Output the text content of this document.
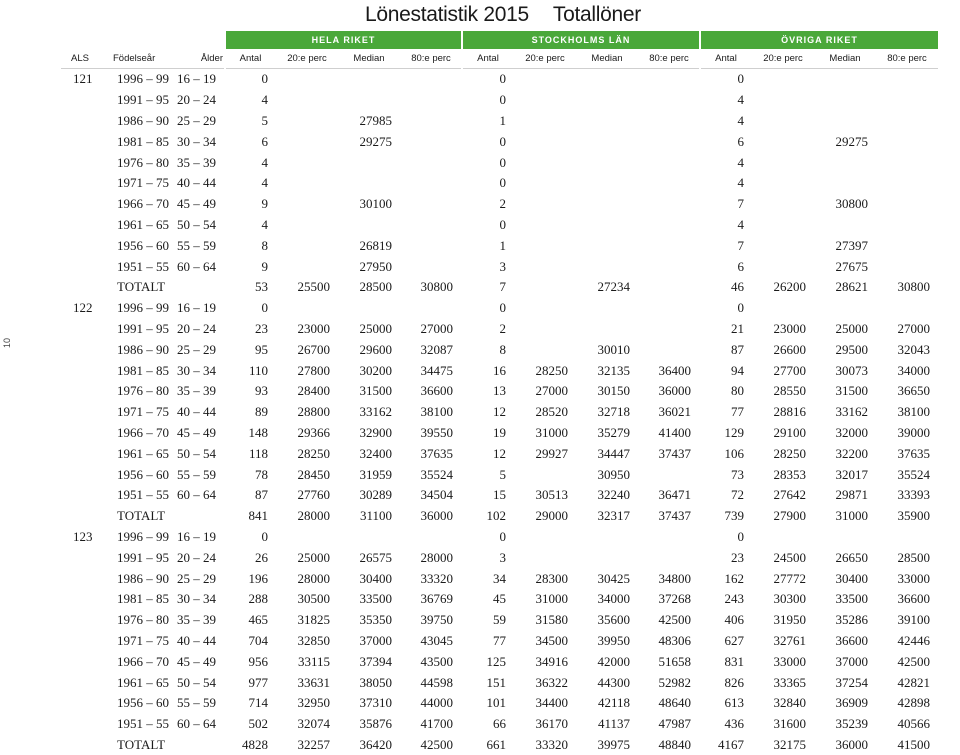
Lönestatistik 2015 Totallöner
10
			HELA RIKET				STOCKHOLMS LÄN				ÖVRIGA RIKET			
ALS	Födelseår	Ålder	Antal	20:e perc	Median	80:e perc	Antal	20:e perc	Median	80:e perc	Antal	20:e perc	Median	80:e perc
121	1996 – 99	16 – 19	0				0				0			
	1991 – 95	20 – 24	4				0				4			
	1986 – 90	25 – 29	5		27985		1				4			
	1981 – 85	30 – 34	6		29275		0				6		29275	
	1976 – 80	35 – 39	4				0				4			
	1971 – 75	40 – 44	4				0				4			
	1966 – 70	45 – 49	9		30100		2				7		30800	
	1961 – 65	50 – 54	4				0				4			
	1956 – 60	55 – 59	8		26819		1				7		27397	
	1951 – 55	60 – 64	9		27950		3				6		27675	
	TOTALT		53	25500	28500	30800	7		27234		46	26200	28621	30800
122	1996 – 99	16 – 19	0				0				0			
	1991 – 95	20 – 24	23	23000	25000	27000	2				21	23000	25000	27000
	1986 – 90	25 – 29	95	26700	29600	32087	8		30010		87	26600	29500	32043
	1981 – 85	30 – 34	110	27800	30200	34475	16	28250	32135	36400	94	27700	30073	34000
	1976 – 80	35 – 39	93	28400	31500	36600	13	27000	30150	36000	80	28550	31500	36650
	1971 – 75	40 – 44	89	28800	33162	38100	12	28520	32718	36021	77	28816	33162	38100
	1966 – 70	45 – 49	148	29366	32900	39550	19	31000	35279	41400	129	29100	32000	39000
	1961 – 65	50 – 54	118	28250	32400	37635	12	29927	34447	37437	106	28250	32200	37635
	1956 – 60	55 – 59	78	28450	31959	35524	5		30950		73	28353	32017	35524
	1951 – 55	60 – 64	87	27760	30289	34504	15	30513	32240	36471	72	27642	29871	33393
	TOTALT		841	28000	31100	36000	102	29000	32317	37437	739	27900	31000	35900
123	1996 – 99	16 – 19	0				0				0			
	1991 – 95	20 – 24	26	25000	26575	28000	3				23	24500	26650	28500
	1986 – 90	25 – 29	196	28000	30400	33320	34	28300	30425	34800	162	27772	30400	33000
	1981 – 85	30 – 34	288	30500	33500	36769	45	31000	34000	37268	243	30300	33500	36600
	1976 – 80	35 – 39	465	31825	35350	39750	59	31580	35600	42500	406	31950	35286	39100
	1971 – 75	40 – 44	704	32850	37000	43045	77	34500	39950	48306	627	32761	36600	42446
	1966 – 70	45 – 49	956	33115	37394	43500	125	34916	42000	51658	831	33000	37000	42500
	1961 – 65	50 – 54	977	33631	38050	44598	151	36322	44300	52982	826	33365	37254	42821
	1956 – 60	55 – 59	714	32950	37310	44000	101	34400	42118	48640	613	32840	36909	42898
	1951 – 55	60 – 64	502	32074	35876	41700	66	36170	41137	47987	436	31600	35239	40566
	TOTALT		4828	32257	36420	42500	661	33320	39975	48840	4167	32175	36000	41500
